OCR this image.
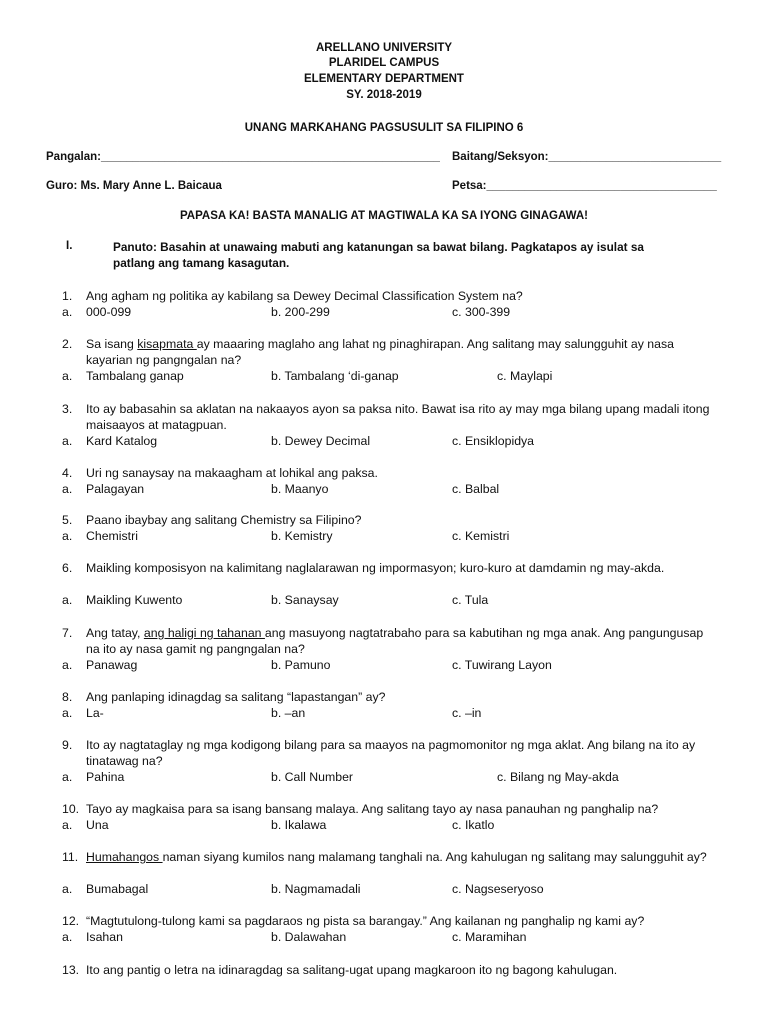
ARELLANO UNIVERSITY
PLARIDEL CAMPUS
ELEMENTARY DEPARTMENT
SY. 2018-2019
UNANG MARKAHANG PAGSUSULIT SA FILIPINO 6
Pangalan:_____________________________________________________ Baitang/Seksyon:___________________________
Guro: Ms. Mary Anne L. Baicaua	Petsa:____________________________________
PAPASA KA! BASTA MANALIG AT MAGTIWALA KA SA IYONG GINAGAWA!
I.	Panuto: Basahin at unawaing mabuti ang katanungan sa bawat bilang. Pagkatapos ay isulat sa
patlang ang tamang kasagutan.
1. Ang agham ng politika ay kabilang sa Dewey Decimal Classification System na?
a. 000-099	b. 200-299	c. 300-399
2. Sa isang kisapmata ay maaaring maglaho ang lahat ng pinaghirapan. Ang salitang may salungguhit ay nasa kayarian ng pangngalan na?
a. Tambalang ganap	b. Tambalang ‘di-ganap	c. Maylapi
3. Ito ay babasahin sa aklatan na nakaayos ayon sa paksa nito. Bawat isa rito ay may mga bilang upang madali itong maisaayos at matagpuan.
a. Kard Katalog	b. Dewey Decimal	c. Ensiklopidya
4. Uri ng sanaysay na makaagham at lohikal ang paksa.
a. Palagayan	b. Maanyo	c. Balbal
5. Paano ibaybay ang salitang Chemistry sa Filipino?
a. Chemistri	b. Kemistry	c. Kemistri
6. Maikling komposisyon na kalimitang naglalarawan ng impormasyon; kuro-kuro at damdamin ng may-akda.
a. Maikling Kuwento	b. Sanaysay	c. Tula
7. Ang tatay, ang haligi ng tahanan ang masuyong nagtatrabaho para sa kabutihan ng mga anak. Ang pangungusap na ito ay nasa gamit ng pangngalan na?
a. Panawag	b. Pamuno	c. Tuwirang Layon
8. Ang panlaping idinagdag sa salitang “lapastangan” ay?
a. La-	b. –an	c. –in
9. Ito ay nagtataglay ng mga kodigong bilang para sa maayos na pagmomonitor ng mga aklat. Ang bilang na ito ay tinatawag na?
a. Pahina	b. Call Number	c. Bilang ng May-akda
10. Tayo ay magkaisa para sa isang bansang malaya. Ang salitang tayo ay nasa panauhan ng panghalip na?
a. Una	b. Ikalawa	c. Ikatlo
11. Humahangos naman siyang kumilos nang malamang tanghali na. Ang kahulugan ng salitang may salungguhit ay?
a. Bumabagal	b. Nagmamadali	c. Nagseseryoso
12. “Magtutulong-tulong kami sa pagdaraos ng pista sa barangay.” Ang kailanan ng panghalip ng kami ay?
a. Isahan	b. Dalawahan	c. Maramihan
13. Ito ang pantig o letra na idinaragdag sa salitang-ugat upang magkaroon ito ng bagong kahulugan.
